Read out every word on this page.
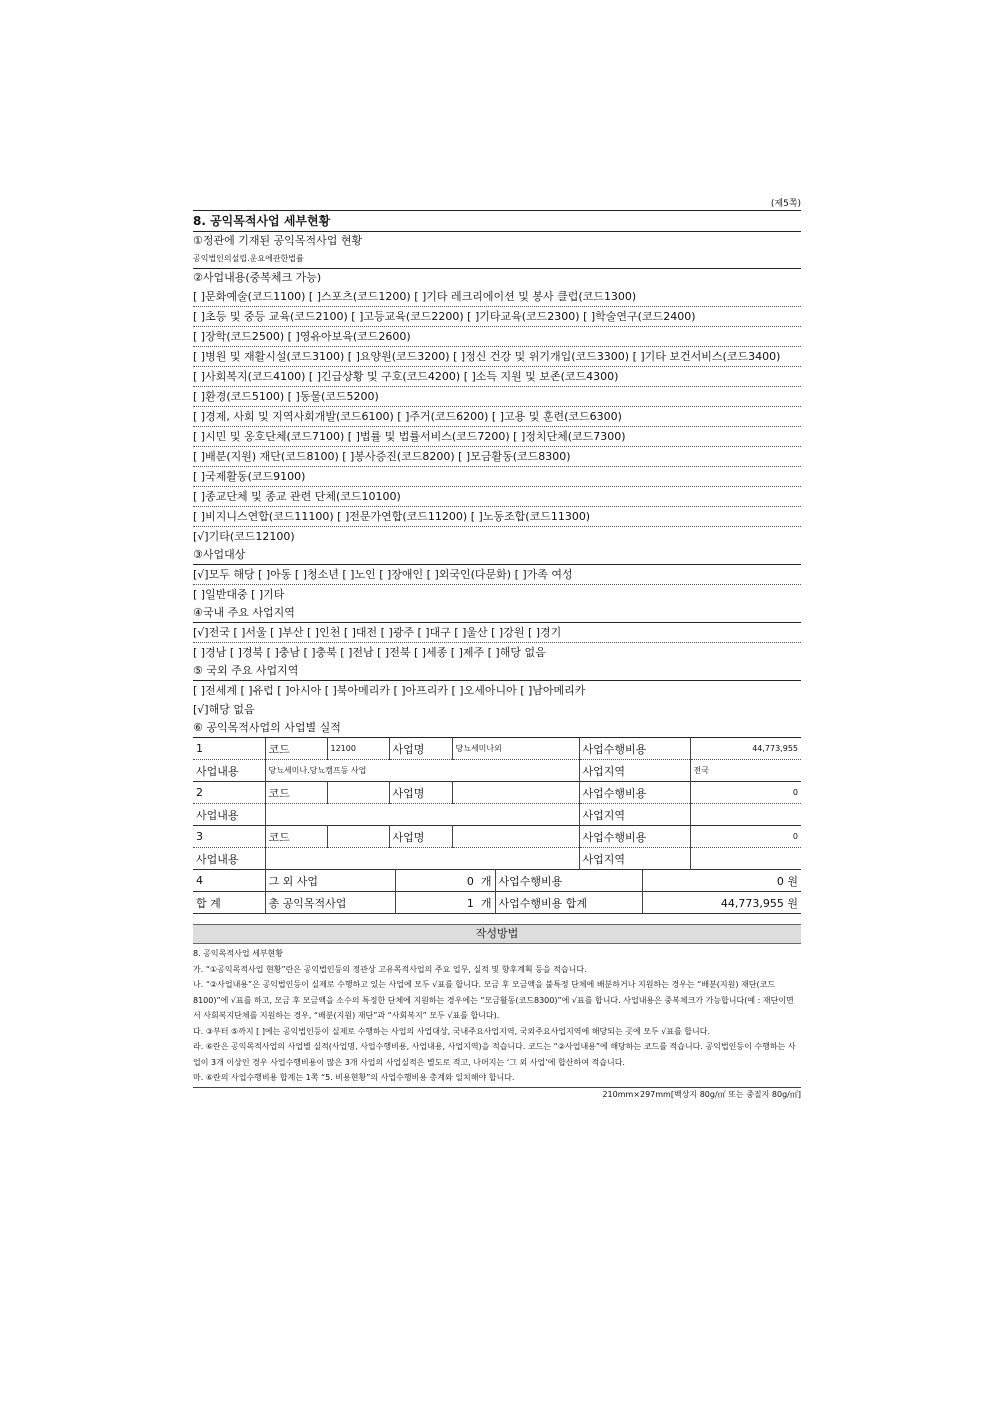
(제5쪽)
8. 공익목적사업 세부현황
①정관에 기재된 공익목적사업 현황
공익법인의설립.운요에관한법률
②사업내용(중복체크 가능)
[ ]문화예술(코드1100) [ ]스포츠(코드1200) [ ]기타 레크리에이션 및 봉사 클럽(코드1300)
[ ]초등 및 중등 교육(코드2100) [ ]고등교육(코드2200) [ ]기타교육(코드2300) [ ]학술연구(코드2400)
[ ]장학(코드2500) [ ]영유아보육(코드2600)
[ ]병원 및 재활시설(코드3100) [ ]요양원(코드3200) [ ]정신 건강 및 위기개입(코드3300) [ ]기타 보건서비스(코드3400)
[ ]사회복지(코드4100) [ ]긴급상황 및 구호(코드4200) [ ]소득 지원 및 보존(코드4300)
[ ]환경(코드5100) [ ]동물(코드5200)
[ ]경제, 사회 및 지역사회개발(코드6100) [ ]주거(코드6200) [ ]고용 및 훈련(코드6300)
[ ]시민 및 옹호단체(코드7100) [ ]법률 및 법률서비스(코드7200) [ ]정치단체(코드7300)
[ ]배분(지원) 재단(코드8100) [ ]봉사증진(코드8200) [ ]모금활동(코드8300)
[ ]국제활동(코드9100)
[ ]종교단체 및 종교 관련 단체(코드10100)
[ ]비지니스연합(코드11100) [ ]전문가연합(코드11200) [ ]노동조합(코드11300)
[√]기타(코드12100)
③사업대상
[√]모두 해당 [ ]아동 [ ]청소년 [ ]노인 [ ]장애인 [ ]외국인(다문화) [ ]가족 여성
[ ]일반대중 [ ]기타
④국내 주요 사업지역
[√]전국 [ ]서울 [ ]부산 [ ]인천 [ ]대전 [ ]광주 [ ]대구 [ ]울산 [ ]강원 [ ]경기
[ ]경남 [ ]경북 [ ]충남 [ ]충북 [ ]전남 [ ]전북 [ ]세종 [ ]제주 [ ]해당 없음
⑤ 국외 주요 사업지역
[ ]전세계 [ ]유럽 [ ]아시아 [ ]북아메리카 [ ]아프리카 [ ]오세아니아 [ ]남아메리카
[√]해당 없음
⑥ 공익목적사업의 사업별 실적
1	코드	12100	사업명	당뇨세미나외	사업수행비용	44,773,955
사업내용	당뇨세미나.당뇨캠프등 사업				사업지역	전국
2	코드		사업명		사업수행비용	0
사업내용					사업지역	
3	코드		사업명		사업수행비용	0
사업내용					사업지역	
4	그 외 사업	0 개	사업수행비용	0 원
합 계	총 공익목적사업	1 개	사업수행비용 합계	44,773,955 원
작성방법
8. 공익목적사업 세부현황
가. “①공익목적사업 현황”란은 공익법인등의 정관상 고유목적사업의 주요 업무, 실적 및 향후계획 등을 적습니다.
나. “②사업내용”은 공익법인등이 실제로 수행하고 있는 사업에 모두 √표를 합니다. 모금 후 모금액을 불특정 단체에 배분하거나 지원하는 경우는 “배분(지원) 재단(코드8100)”에 √표를 하고, 모금 후 모금액을 소수의 특정한 단체에 지원하는 경우에는 “모금활동(코드8300)”에 √표를 합니다. 사업내용은 중복체크가 가능합니다(예 : 재단이면서 사회복지단체를 지원하는 경우, “배분(지원) 재단”과 “사회복지” 모두 √표를 합니다).
다. ③부터 ⑤까지 [ ]에는 공익법인등이 실제로 수행하는 사업의 사업대상, 국내주요사업지역, 국외주요사업지역에 해당되는 곳에 모두 √표를 합니다.
라. ⑥란은 공익목적사업의 사업별 실적(사업명, 사업수행비용, 사업내용, 사업지역)을 적습니다. 코드는 “②사업내용”에 해당하는 코드를 적습니다. 공익법인등이 수행하는 사업이 3개 이상인 경우 사업수행비용이 많은 3개 사업의 사업실적은 별도로 적고, 나머지는 ‘그 외 사업’에 합산하여 적습니다.
마. ⑥란의 사업수행비용 합계는 1쪽 “5. 비용현황”의 사업수행비용 총계와 일치해야 합니다.
210mm×297mm[백상지 80g/㎡ 또는 중질지 80g/㎡]
